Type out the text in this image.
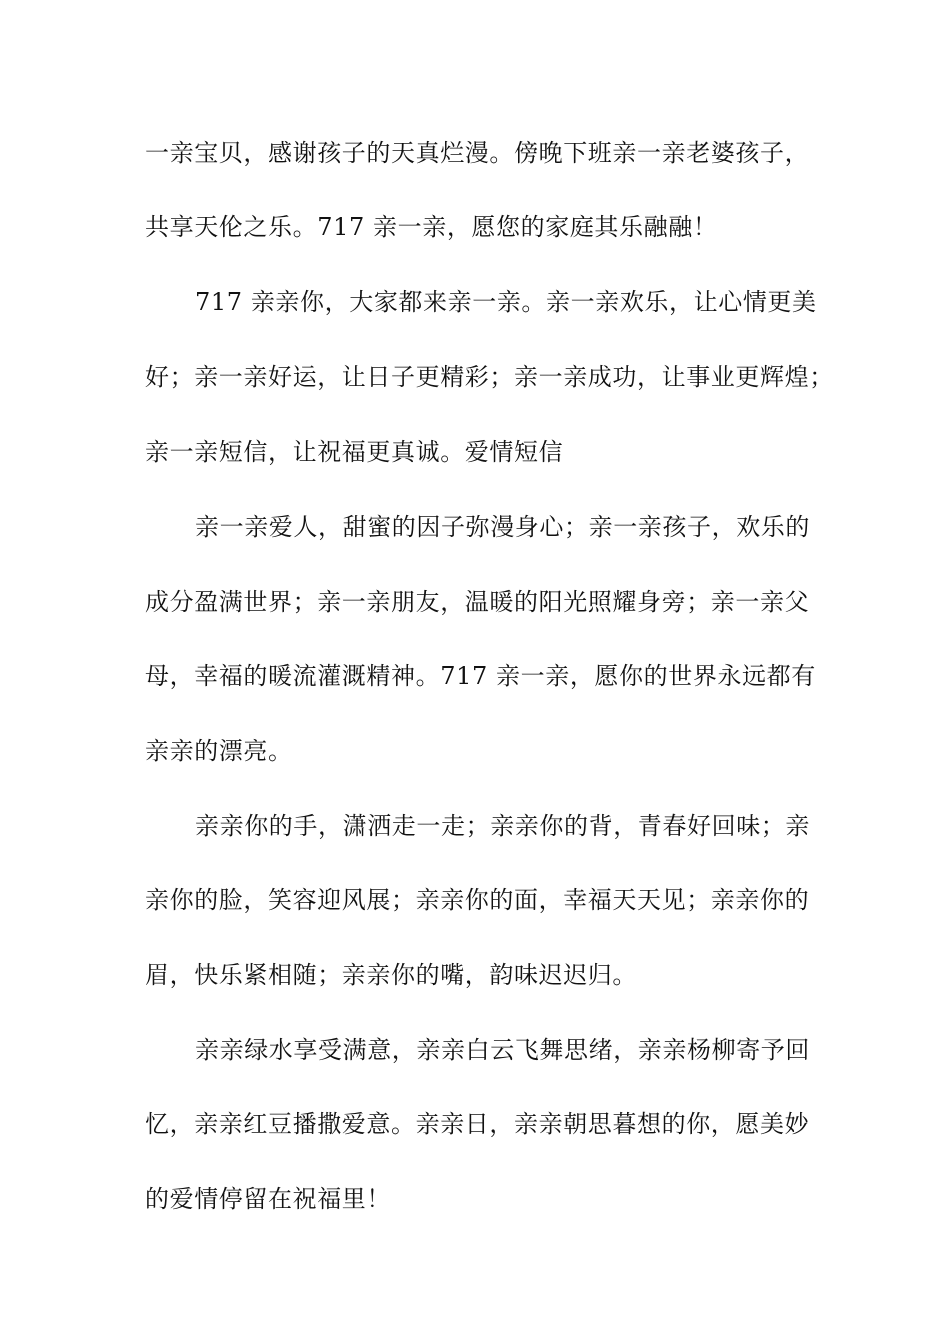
一亲宝贝，感谢孩子的天真烂漫。傍晚下班亲一亲老婆孩子，
共享天伦之乐。717 亲一亲，愿您的家庭其乐融融！
717 亲亲你，大家都来亲一亲。亲一亲欢乐，让心情更美
好；亲一亲好运，让日子更精彩；亲一亲成功，让事业更辉煌；
亲一亲短信，让祝福更真诚。爱情短信
亲一亲爱人，甜蜜的因子弥漫身心；亲一亲孩子，欢乐的
成分盈满世界；亲一亲朋友，温暖的阳光照耀身旁；亲一亲父
母，幸福的暖流灌溉精神。717 亲一亲，愿你的世界永远都有
亲亲的漂亮。
亲亲你的手，潇洒走一走；亲亲你的背，青春好回味；亲
亲你的脸，笑容迎风展；亲亲你的面，幸福天天见；亲亲你的
眉，快乐紧相随；亲亲你的嘴，韵味迟迟归。
亲亲绿水享受满意，亲亲白云飞舞思绪，亲亲杨柳寄予回
忆，亲亲红豆播撒爱意。亲亲日，亲亲朝思暮想的你，愿美妙
的爱情停留在祝福里！
